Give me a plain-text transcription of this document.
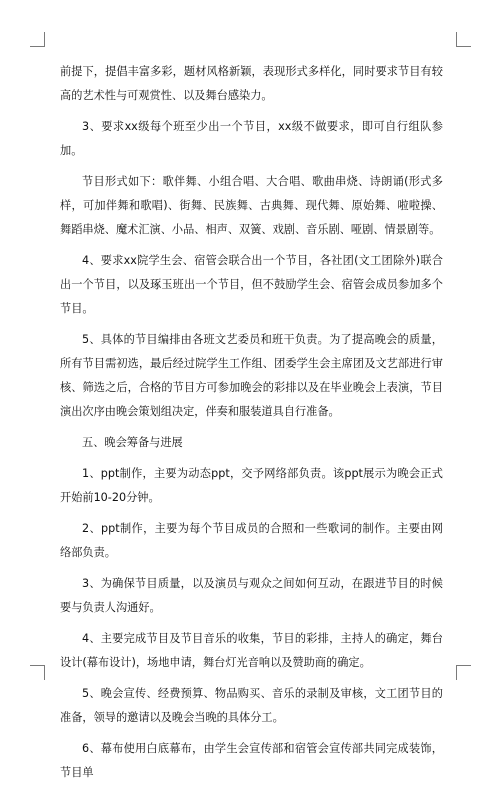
前提下，提倡丰富多彩，题材风格新颖，表现形式多样化，同时要求节目有较高的艺术性与可观赏性、以及舞台感染力。

3、要求xx级每个班至少出一个节目，xx级不做要求，即可自行组队参加。

节目形式如下：歌伴舞、小组合唱、大合唱、歌曲串烧、诗朗诵(形式多样，可加伴舞和歌唱)、街舞、民族舞、古典舞、现代舞、原始舞、啦啦操、舞蹈串烧、魔术汇演、小品、相声、双簧、戏剧、音乐剧、哑剧、情景剧等。

4、要求xx院学生会、宿管会联合出一个节目，各社团(文工团除外)联合出一个节目，以及琢玉班出一个节目，但不鼓励学生会、宿管会成员参加多个节目。

5、具体的节目编排由各班文艺委员和班干负责。为了提高晚会的质量，所有节目需初选，最后经过院学生工作组、团委学生会主席团及文艺部进行审核、筛选之后，合格的节目方可参加晚会的彩排以及在毕业晚会上表演，节目演出次序由晚会策划组决定，伴奏和服装道具自行准备。

五、晚会筹备与进展

1、ppt制作，主要为动态ppt，交予网络部负责。该ppt展示为晚会正式开始前10-20分钟。

2、ppt制作，主要为每个节目成员的合照和一些歌词的制作。主要由网络部负责。

3、为确保节目质量，以及演员与观众之间如何互动，在跟进节目的时候要与负责人沟通好。

4、主要完成节目及节目音乐的收集，节目的彩排，主持人的确定，舞台设计(幕布设计)，场地申请，舞台灯光音响以及赞助商的确定。

5、晚会宣传、经费预算、物品购买、音乐的录制及审核，文工团节目的准备，领导的邀请以及晚会当晚的具体分工。

6、幕布使用白底幕布，由学生会宣传部和宿管会宣传部共同完成装饰，节目单
